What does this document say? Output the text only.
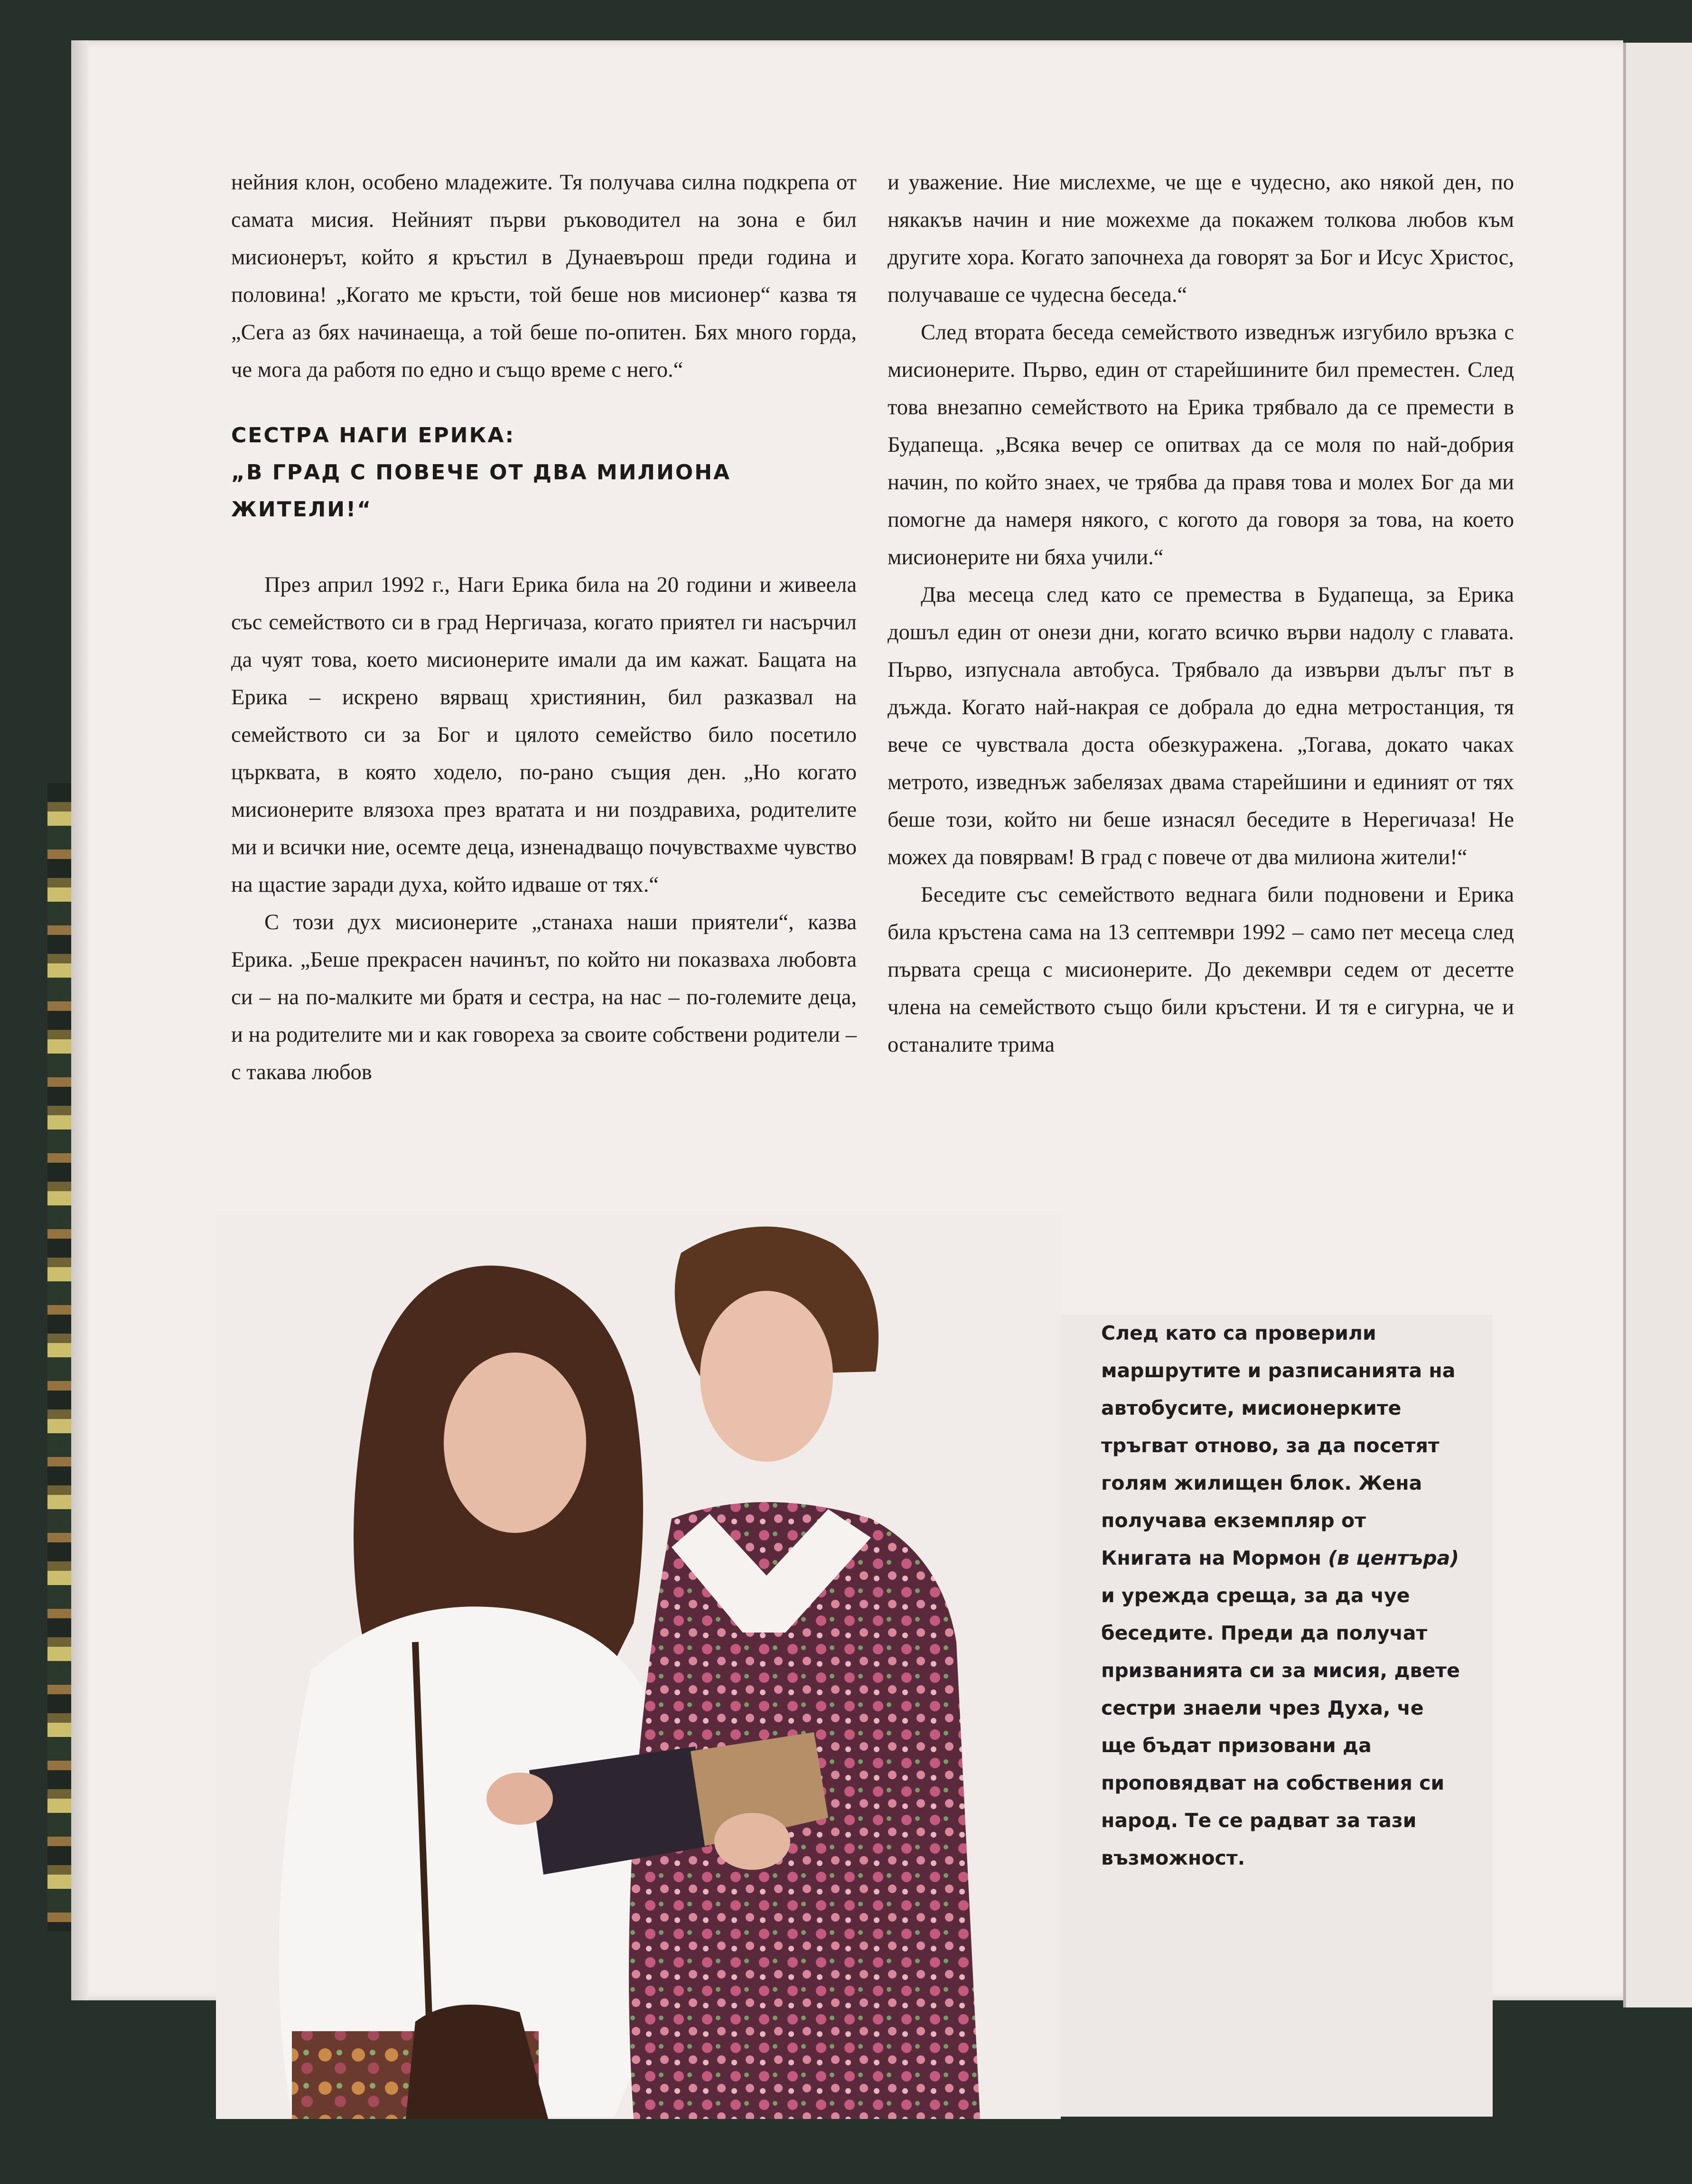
нейния клон, особено младежите. Тя получава силна подкрепа от самата мисия. Нейният първи ръководител на зона е бил мисионерът, който я кръстил в Дунаевърош преди година и половина! „Когато ме кръсти, той беше нов мисионер“ казва тя „Сега аз бях начинаеща, а той беше по-опитен. Бях много горда, че мога да работя по едно и също време с него.“

СЕСТРА НАГИ ЕРИКА:
„В ГРАД С ПОВЕЧЕ ОТ ДВА МИЛИОНА ЖИТЕЛИ!“

През април 1992 г., Наги Ерика била на 20 години и живеела със семейството си в град Нергичаза, когато приятел ги насърчил да чуят това, което мисионерите имали да им кажат. Бащата на Ерика – искрено вярващ християнин, бил разказвал на семейството си за Бог и цялото семейство било посетило църквата, в която ходело, по-рано същия ден. „Но когато мисионерите влязоха през вратата и ни поздравиха, родителите ми и всички ние, осемте деца, изненадващо почувствахме чувство на щастие заради духа, който идваше от тях.“

С този дух мисионерите „станаха наши приятели“, казва Ерика. „Беше прекрасен начинът, по който ни показваха любовта си – на по-малките ми братя и сестра, на нас – по-големите деца, и на родителите ми и как говореха за своите собствени родители – с такава любов

и уважение. Ние мислехме, че ще е чудесно, ако някой ден, по някакъв начин и ние можехме да покажем толкова любов към другите хора. Когато започнеха да говорят за Бог и Исус Христос, получаваше се чудесна беседа.“

След втората беседа семейството изведнъж изгубило връзка с мисионерите. Първо, един от старейшините бил преместен. След това внезапно семейството на Ерика трябвало да се премести в Будапеща. „Всяка вечер се опитвах да се моля по най-добрия начин, по който знаех, че трябва да правя това и молех Бог да ми помогне да намеря някого, с когото да говоря за това, на което мисионерите ни бяха учили.“

Два месеца след като се премества в Будапеща, за Ерика дошъл един от онези дни, когато всичко върви надолу с главата. Първо, изпуснала автобуса. Трябвало да извърви дълъг път в дъжда. Когато най-накрая се добрала до една метростанция, тя вече се чувствала доста обезкуражена. „Тогава, докато чаках метрото, изведнъж забелязах двама старейшини и единият от тях беше този, който ни беше изнасял беседите в Нерегичаза! Не можех да повярвам! В град с повече от два милиона жители!“

Беседите със семейството веднага били подновени и Ерика била кръстена сама на 13 септември 1992 – само пет месеца след първата среща с мисионерите. До декември седем от десетте члена на семейството също били кръстени. И тя е сигурна, че и останалите трима

След като са проверили маршрутите и разписанията на автобусите, мисионерките тръгват отново, за да посетят голям жилищен блок. Жена получава екземпляр от Книгата на Мормон (в центъра) и урежда среща, за да чуе беседите. Преди да получат призванията си за мисия, двете сестри знаели чрез Духа, че ще бъдат призовани да проповядват на собствения си народ. Те се радват за тази възможност.
